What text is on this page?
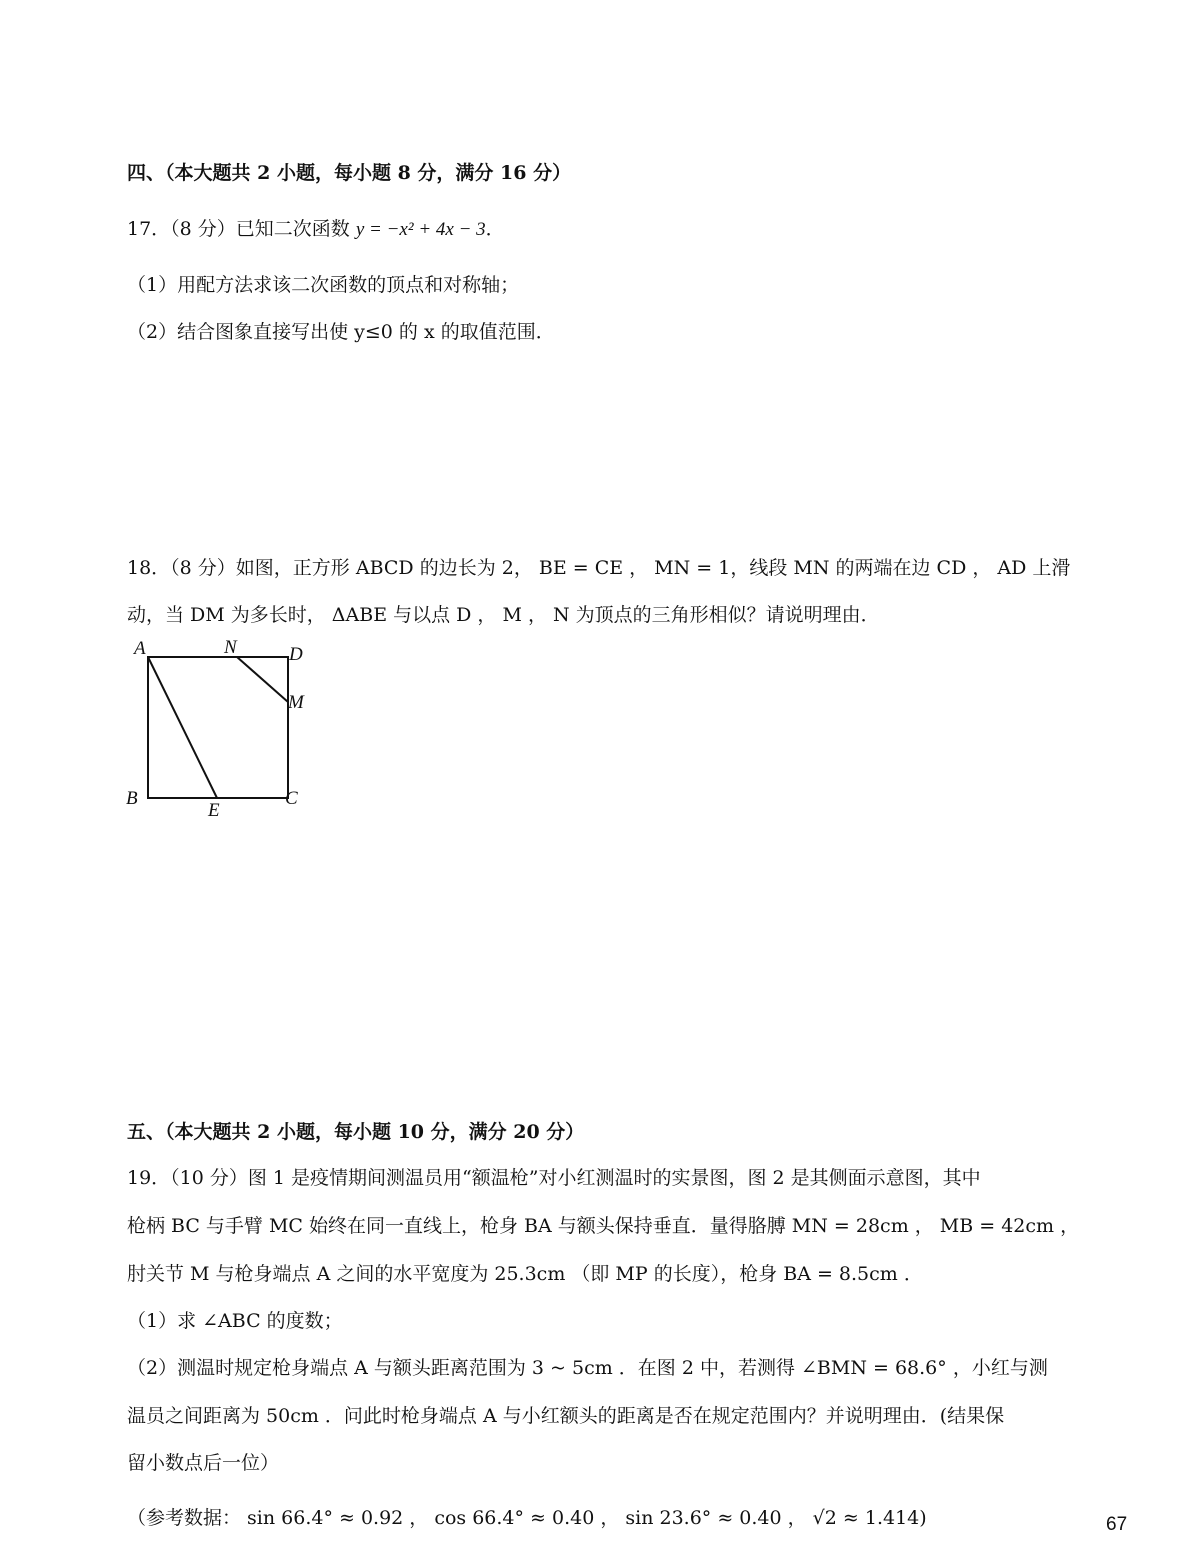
四、（本大题共 2 小题，每小题 8 分，满分 16 分）
17．（8 分）已知二次函数 y = −x² + 4x − 3．
（1）用配方法求该二次函数的顶点和对称轴；
（2）结合图象直接写出使 y≤0 的 x 的取值范围．
18．（8 分）如图，正方形 ABCD 的边长为 2， BE = CE ， MN = 1，线段 MN 的两端在边 CD ， AD 上滑
动，当 DM 为多长时， ΔABE 与以点 D ， M ， N 为顶点的三角形相似？请说明理由．
A	N	D
M
B
E
C
五、（本大题共 2 小题，每小题 10 分，满分 20 分）
19．（10 分）图 1 是疫情期间测温员用“额温枪”对小红测温时的实景图，图 2 是其侧面示意图，其中
枪柄 BC 与手臂 MC 始终在同一直线上，枪身 BA 与额头保持垂直．量得胳膊 MN = 28cm ， MB = 42cm ，
肘关节 M 与枪身端点 A 之间的水平宽度为 25.3cm （即 MP 的长度），枪身 BA = 8.5cm ．
（1）求 ∠ABC 的度数；
（2）测温时规定枪身端点 A 与额头距离范围为 3 ~ 5cm ．在图 2 中，若测得 ∠BMN = 68.6° ，小红与测
温员之间距离为 50cm ．问此时枪身端点 A 与小红额头的距离是否在规定范围内？并说明理由．(结果保
留小数点后一位）
（参考数据： sin 66.4° ≈ 0.92 ， cos 66.4° ≈ 0.40 ， sin 23.6° ≈ 0.40 ， √2 ≈ 1.414)	67
